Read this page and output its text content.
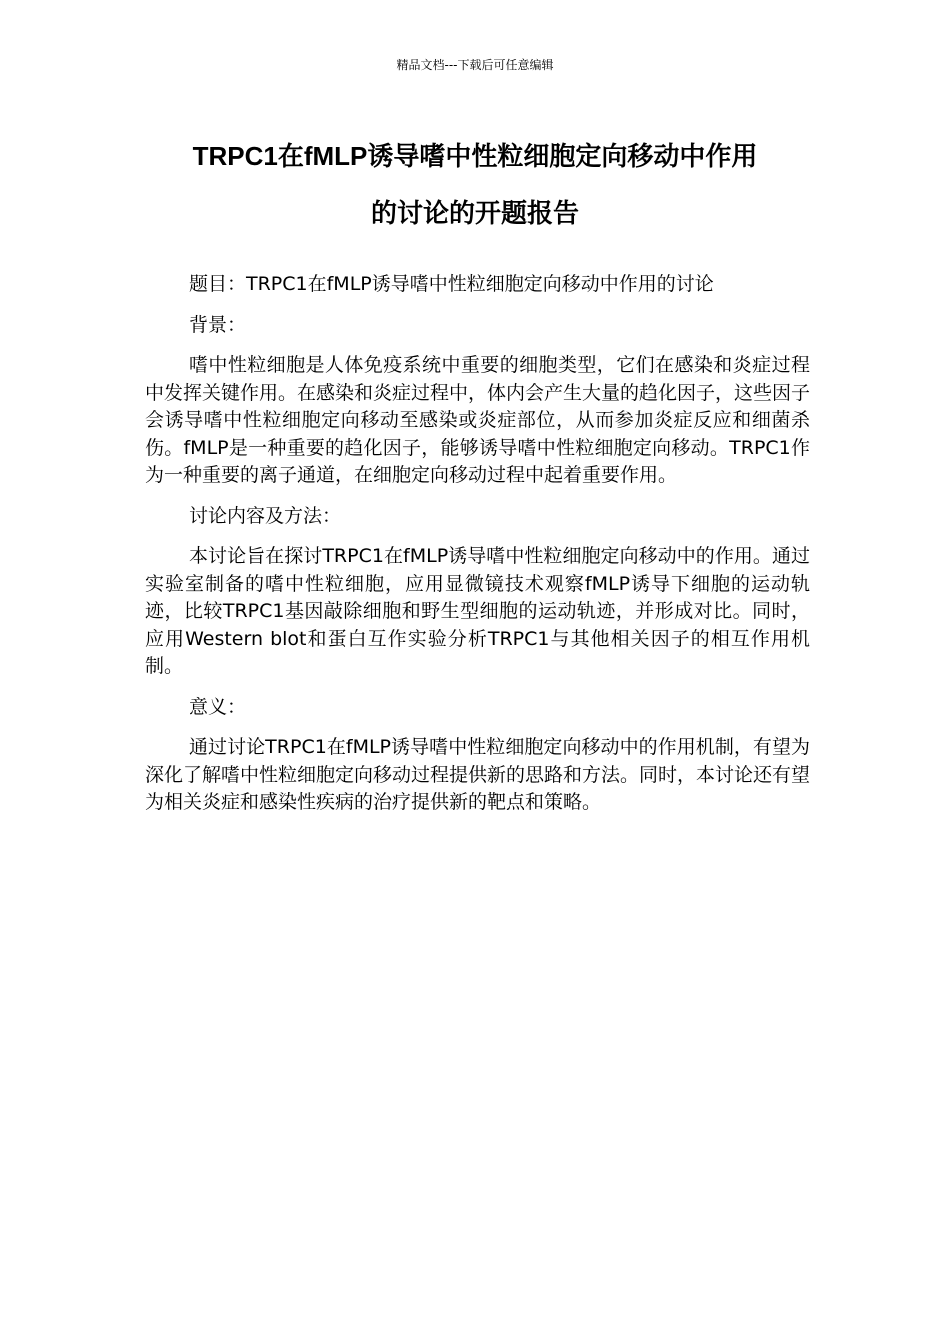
精品文档---下载后可任意编辑
TRPC1在fMLP诱导嗜中性粒细胞定向移动中作用
的讨论的开题报告

题目：TRPC1在fMLP诱导嗜中性粒细胞定向移动中作用的讨论

背景：

嗜中性粒细胞是人体免疫系统中重要的细胞类型，它们在感染和炎症过程中发挥关键作用。在感染和炎症过程中，体内会产生大量的趋化因子，这些因子会诱导嗜中性粒细胞定向移动至感染或炎症部位，从而参加炎症反应和细菌杀伤。fMLP是一种重要的趋化因子，能够诱导嗜中性粒细胞定向移动。TRPC1作为一种重要的离子通道，在细胞定向移动过程中起着重要作用。

讨论内容及方法：

本讨论旨在探讨TRPC1在fMLP诱导嗜中性粒细胞定向移动中的作用。通过实验室制备的嗜中性粒细胞，应用显微镜技术观察fMLP诱导下细胞的运动轨迹，比较TRPC1基因敲除细胞和野生型细胞的运动轨迹，并形成对比。同时，应用Western blot和蛋白互作实验分析TRPC1与其他相关因子的相互作用机制。

意义：

通过讨论TRPC1在fMLP诱导嗜中性粒细胞定向移动中的作用机制，有望为深化了解嗜中性粒细胞定向移动过程提供新的思路和方法。同时，本讨论还有望为相关炎症和感染性疾病的治疗提供新的靶点和策略。
